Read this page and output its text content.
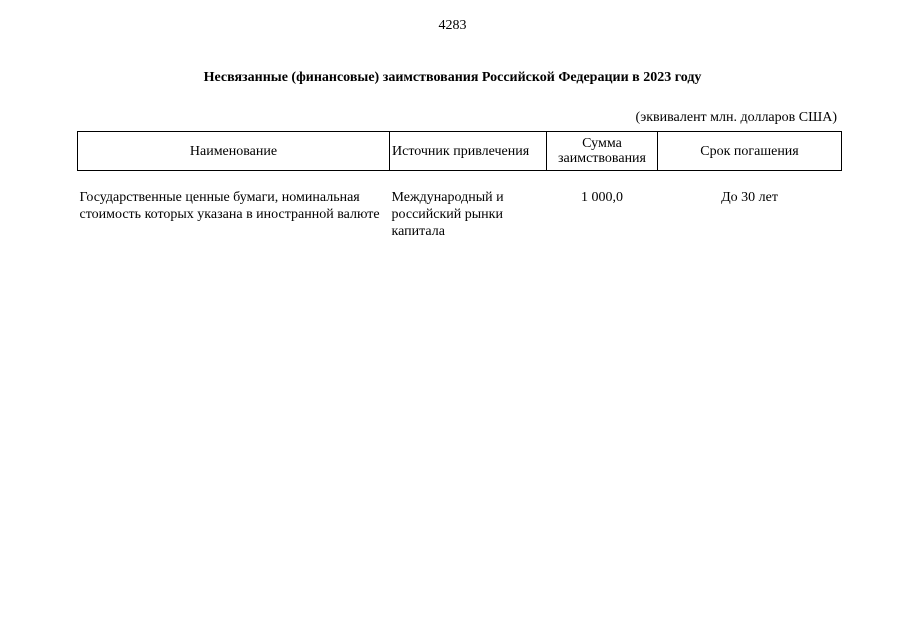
4283
Несвязанные (финансовые) заимствования Российской Федерации в 2023 году
(эквивалент млн. долларов США)
Наименование	Источник привлечения	Сумма заимствования	Срок погашения
Государственные ценные бумаги, номинальная стоимость которых указана в иностранной валюте	Международный и российский рынки капитала	1 000,0	До 30 лет
